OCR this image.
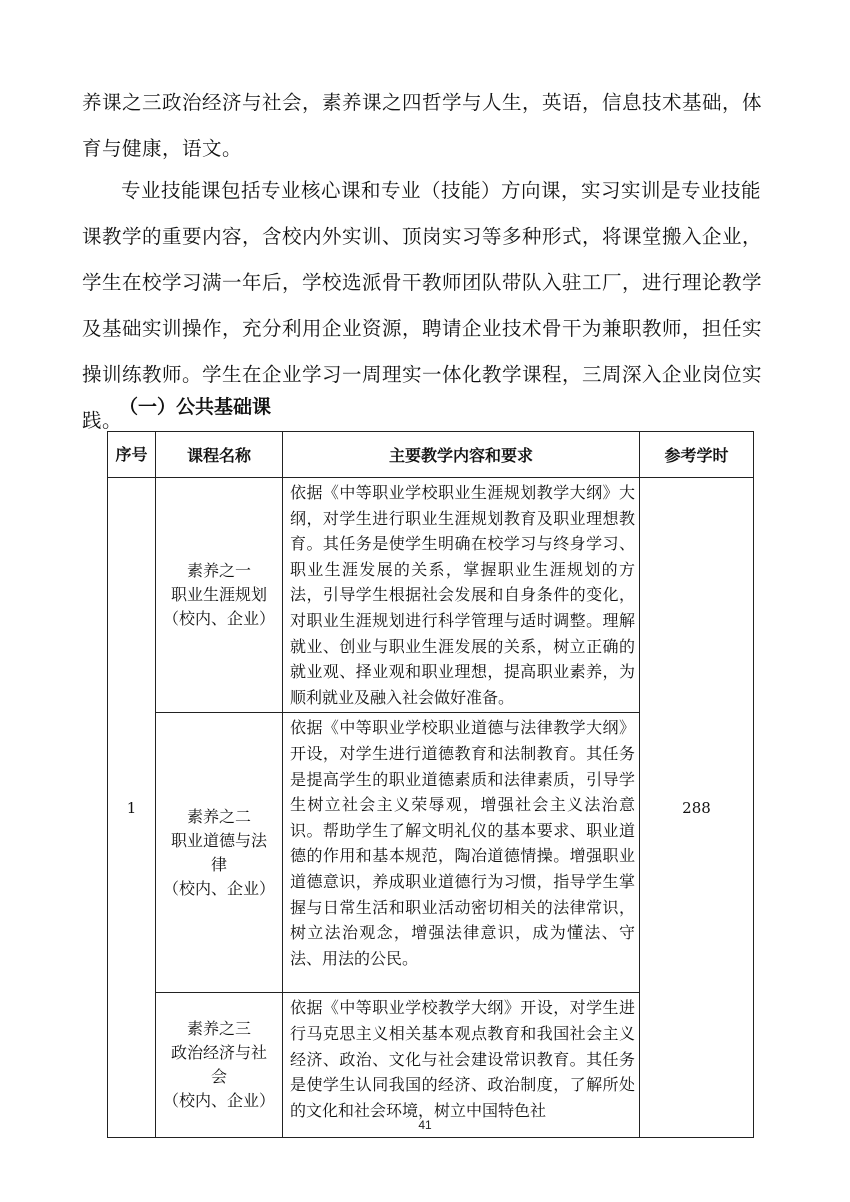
养课之三政治经济与社会，素养课之四哲学与人生，英语，信息技术基础，体育与健康，语文。

专业技能课包括专业核心课和专业（技能）方向课，实习实训是专业技能课教学的重要内容，含校内外实训、顶岗实习等多种形式，将课堂搬入企业，学生在校学习满一年后，学校选派骨干教师团队带队入驻工厂，进行理论教学及基础实训操作，充分利用企业资源，聘请企业技术骨干为兼职教师，担任实操训练教师。学生在企业学习一周理实一体化教学课程，三周深入企业岗位实践。

（一）公共基础课
序号	课程名称	主要教学内容和要求	参考学时
1	素养之一
职业生涯规划
（校内、企业）	依据《中等职业学校职业生涯规划教学大纲》大纲，对学生进行职业生涯规划教育及职业理想教育。其任务是使学生明确在校学习与终身学习、职业生涯发展的关系，掌握职业生涯规划的方法，引导学生根据社会发展和自身条件的变化，对职业生涯规划进行科学管理与适时调整。理解就业、创业与职业生涯发展的关系，树立正确的就业观、择业观和职业理想，提高职业素养，为顺利就业及融入社会做好准备。	288

	素养之二
职业道德与法
律
（校内、企业）	依据《中等职业学校职业道德与法律教学大纲》开设，对学生进行道德教育和法制教育。其任务是提高学生的职业道德素质和法律素质，引导学生树立社会主义荣辱观，增强社会主义法治意识。帮助学生了解文明礼仪的基本要求、职业道德的作用和基本规范，陶冶道德情操。增强职业道德意识，养成职业道德行为习惯，指导学生掌握与日常生活和职业活动密切相关的法律常识，树立法治观念，增强法律意识，成为懂法、守法、用法的公民。	

	素养之三
政治经济与社
会
（校内、企业）	依据《中等职业学校教学大纲》开设，对学生进行马克思主义相关基本观点教育和我国社会主义经济、政治、文化与社会建设常识教育。其任务是使学生认同我国的经济、政治制度，了解所处的文化和社会环境，树立中国特色社	
41
